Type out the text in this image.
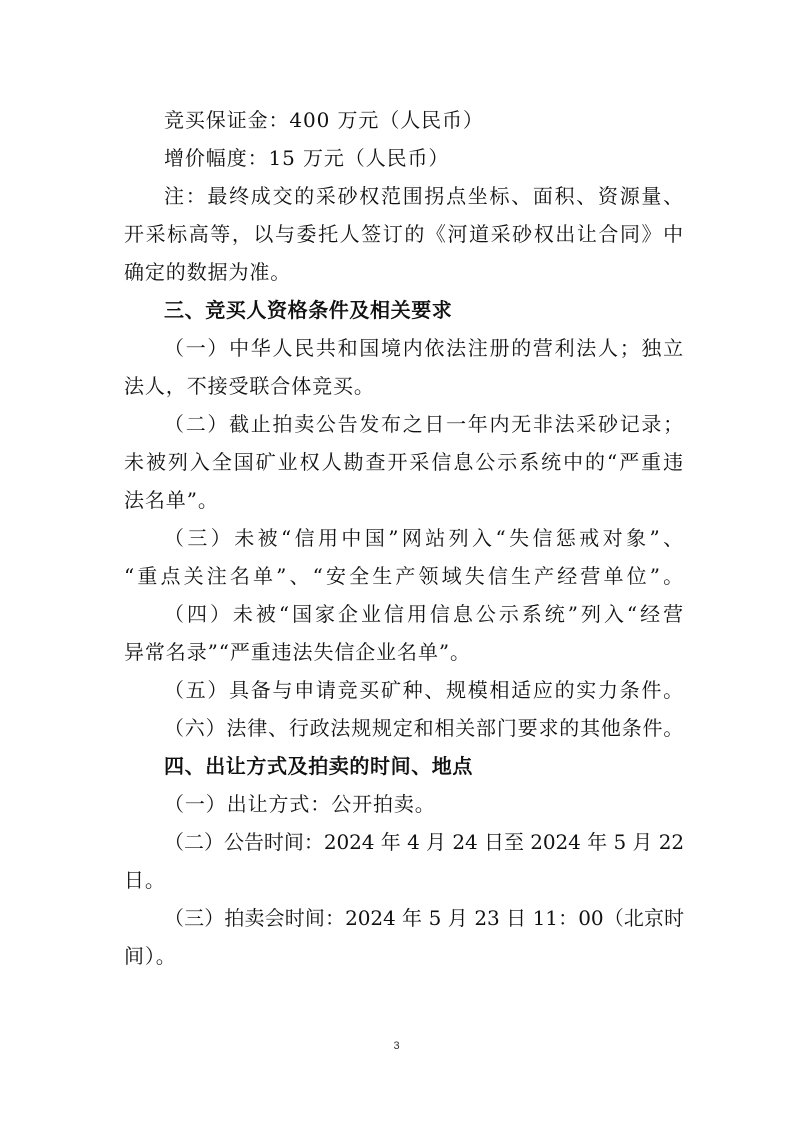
竞买保证金：400 万元（人民币）
增价幅度：15 万元（人民币）
注：最终成交的采砂权范围拐点坐标、面积、资源量、
开采标高等，以与委托人签订的《河道采砂权出让合同》中
确定的数据为准。
三、竞买人资格条件及相关要求
（一）中华人民共和国境内依法注册的营利法人；独立
法人，不接受联合体竞买。
（二）截止拍卖公告发布之日一年内无非法采砂记录；
未被列入全国矿业权人勘查开采信息公示系统中的“严重违
法名单”。
（三）未被“信用中国”网站列入“失信惩戒对象”、
“重点关注名单”、“安全生产领域失信生产经营单位”。
（四）未被“国家企业信用信息公示系统”列入“经营
异常名录”“严重违法失信企业名单”。
（五）具备与申请竞买矿种、规模相适应的实力条件。
（六）法律、行政法规规定和相关部门要求的其他条件。
四、出让方式及拍卖的时间、地点
（一）出让方式：公开拍卖。
（二）公告时间：2024 年 4 月 24 日至 2024 年 5 月 22
日。
（三）拍卖会时间：2024 年 5 月 23 日 11：00（北京时
间）。
3
